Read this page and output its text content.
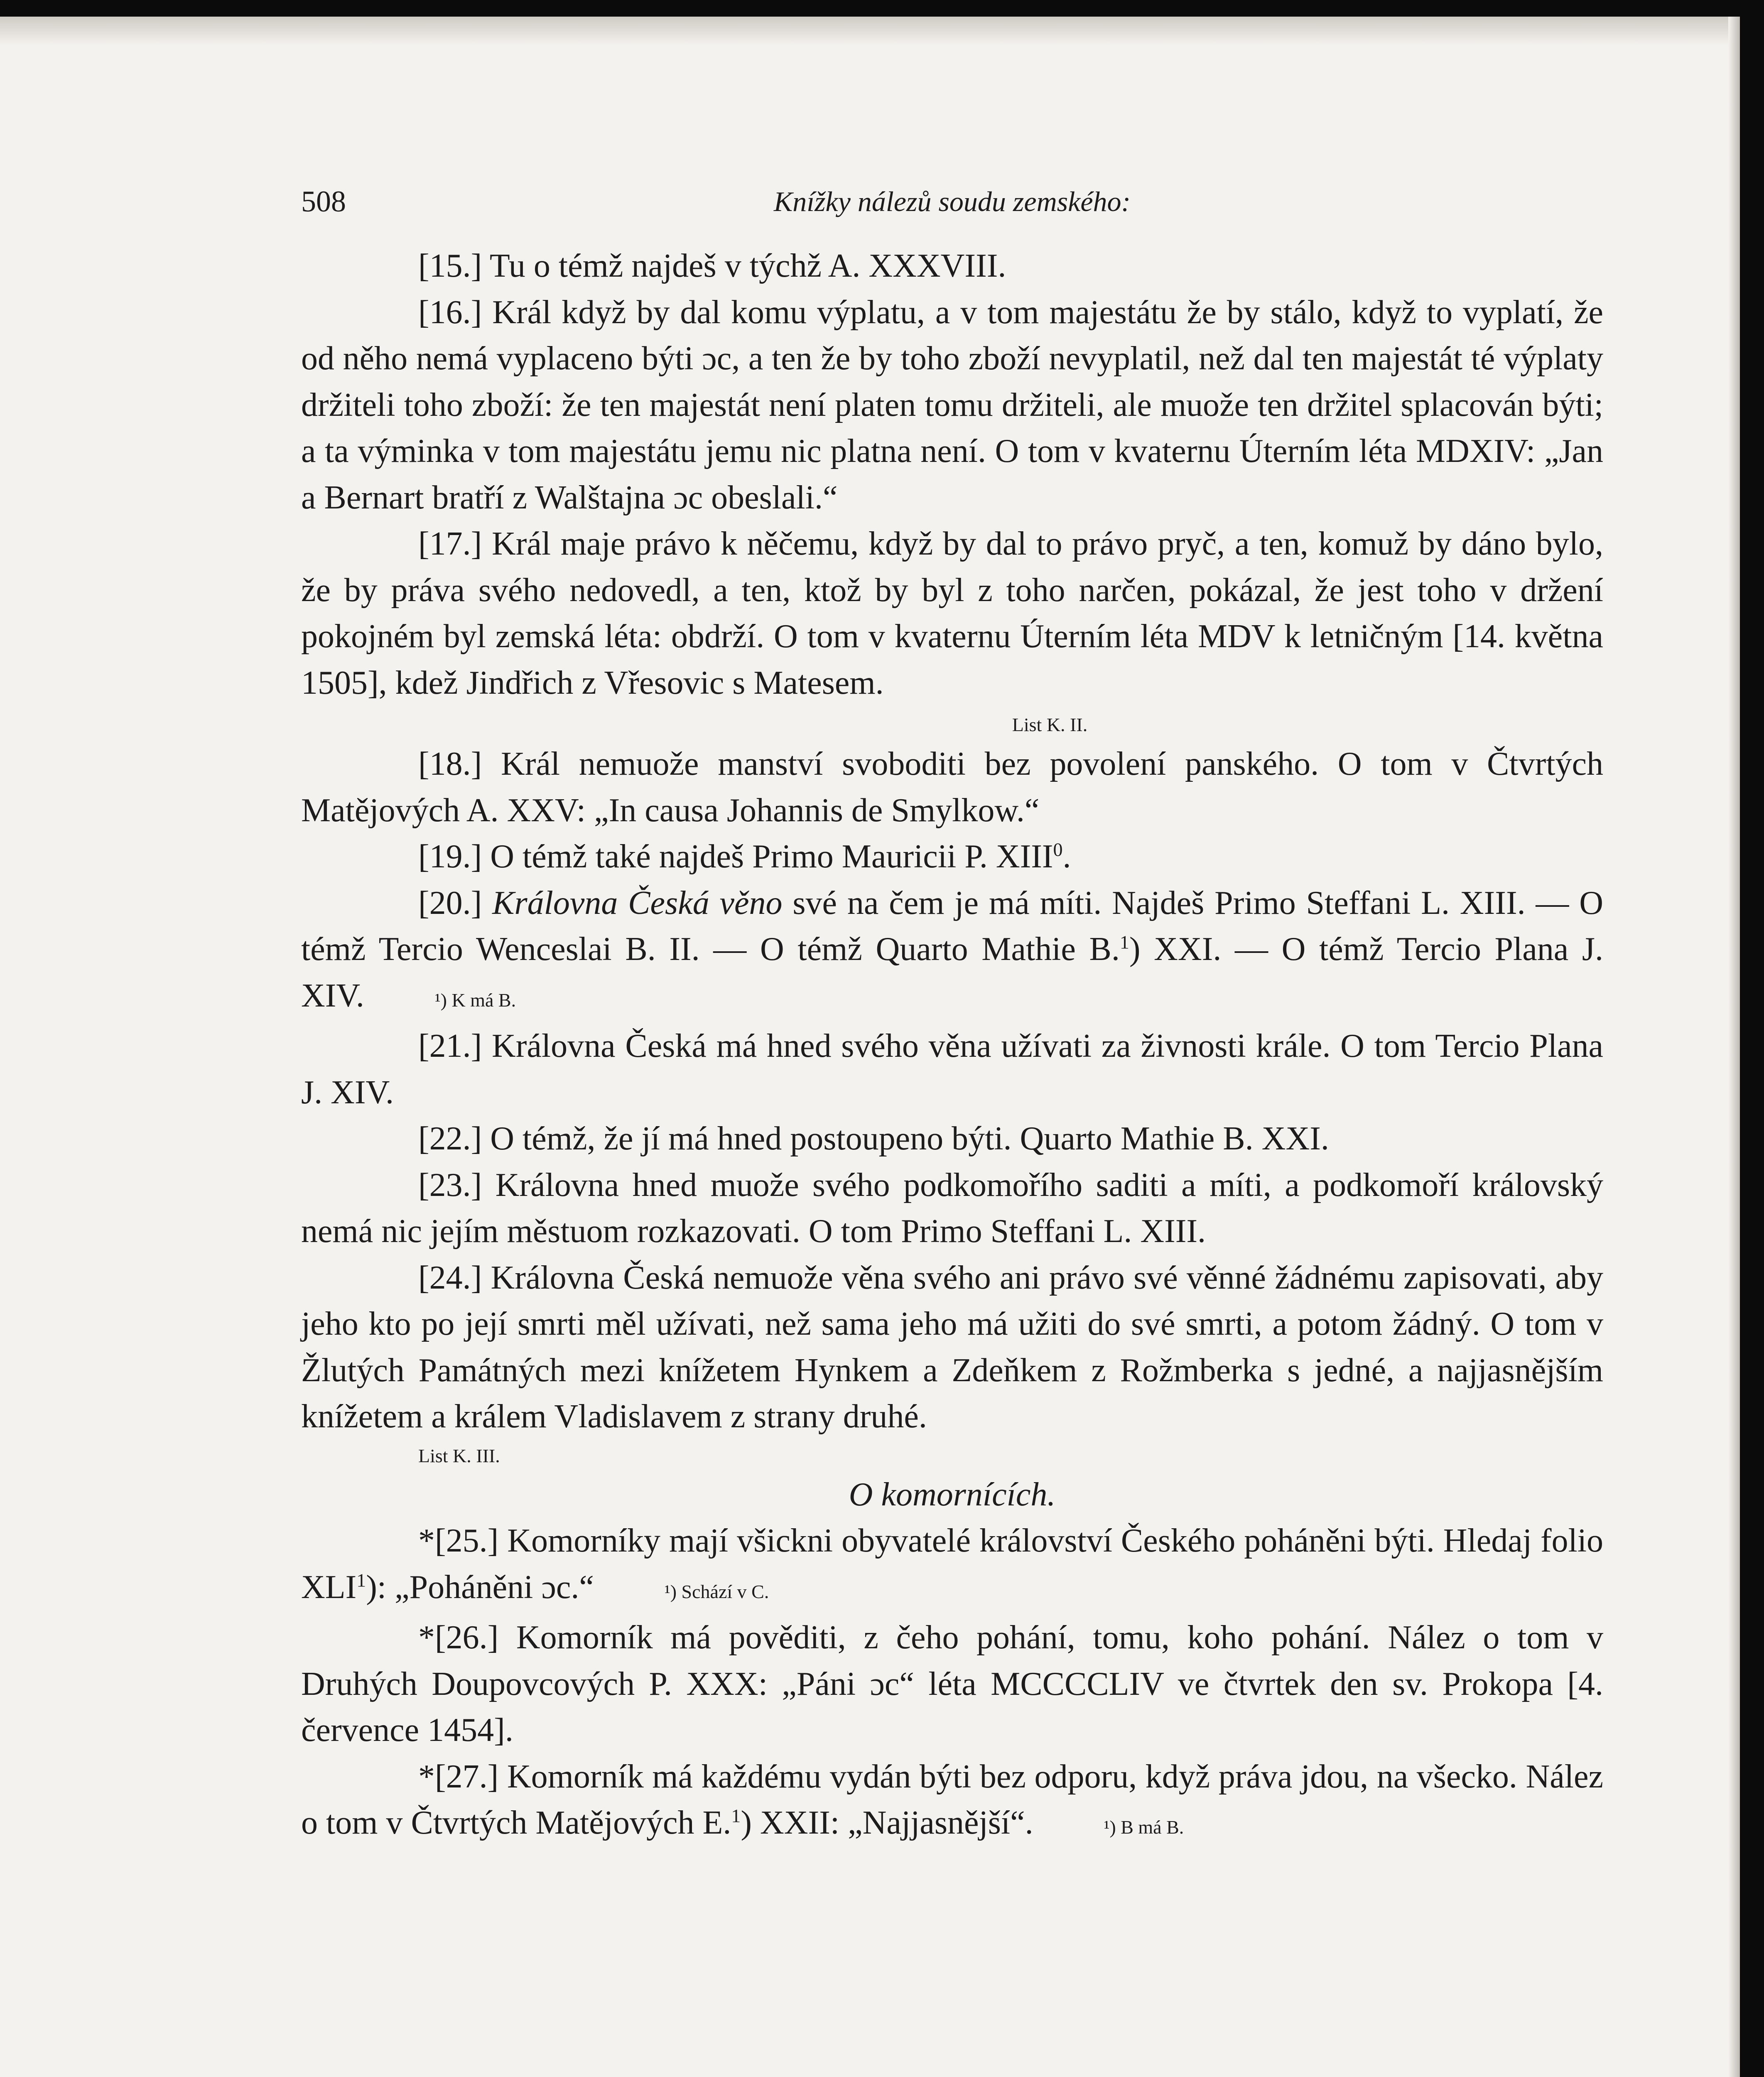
508	Knížky nálezů soudu zemského:

[15.] Tu o témž najdeš v týchž A. XXXVIII.

[16.] Král když by dal komu výplatu, a v tom majestátu že by stálo, když to vyplatí, že od něho nemá vyplaceno býti ɔc, a ten že by toho zboží nevyplatil, než dal ten majestát té výplaty držiteli toho zboží: že ten majestát není platen tomu držiteli, ale muože ten držitel splacován býti; a ta výminka v tom majestátu jemu nic platna není. O tom v kvaternu Úterním léta MDXIV: „Jan a Bernart bratří z Walštajna ɔc obeslali.“

[17.] Král maje právo k něčemu, když by dal to právo pryč, a ten, komuž by dáno bylo, že by práva svého nedovedl, a ten, ktož by byl z toho narčen, pokázal, že jest toho v držení pokojném byl zemská léta: obdrží. O tom v kvaternu Úterním léta MDV k letničným [14. května 1505], kdež Jindřich z Vřesovic s Matesem.

List K. II.

[18.] Král nemuože manství svoboditi bez povolení panského. O tom v Čtvrtých Matějových A. XXV: „In causa Johannis de Smylkow.“

[19.] O témž také najdeš Primo Mauricii P. XIII$^0$.

[20.] Královna Česká věno své na čem je má míti. Najdeš Primo Steffani L. XIII. — O témž Tercio Wenceslai B. II. — O témž Quarto Mathie B.$^1$) XXI. — O témž Tercio Plana J. XIV.	¹) K má B.

[21.] Královna Česká má hned svého věna užívati za živnosti krále. O tom Tercio Plana J. XIV.

[22.] O témž, že jí má hned postoupeno býti. Quarto Mathie B. XXI.

[23.] Královna hned muože svého podkomořího saditi a míti, a podkomoří královský nemá nic jejím městuom rozkazovati. O tom Primo Steffani L. XIII.

[24.] Královna Česká nemuože věna svého ani právo své věnné žádnému zapisovati, aby jeho kto po její smrti měl užívati, než sama jeho má užiti do své smrti, a potom žádný. O tom v Žlutých Památných mezi knížetem Hynkem a Zdeňkem z Rožmberka s jedné, a najjasnějším knížetem a králem Vladislavem z strany druhé.

List K. III.

O komornících.

*[25.] Komorníky mají všickni obyvatelé království Českého poháněni býti. Hledaj folio XLI$^1$): „Poháněni ɔc.“	¹) Schází v C.

*[26.] Komorník má pověditi, z čeho pohání, tomu, koho pohání. Nález o tom v Druhých Doupovcových P. XXX: „Páni ɔc“ léta MCCCCLIV ve čtvrtek den sv. Prokopa [4. července 1454].

*[27.] Komorník má každému vydán býti bez odporu, když práva jdou, na všecko. Nález o tom v Čtvrtých Matějových E.$^1$) XXII: „Najjasnější“.	¹) B má B.
